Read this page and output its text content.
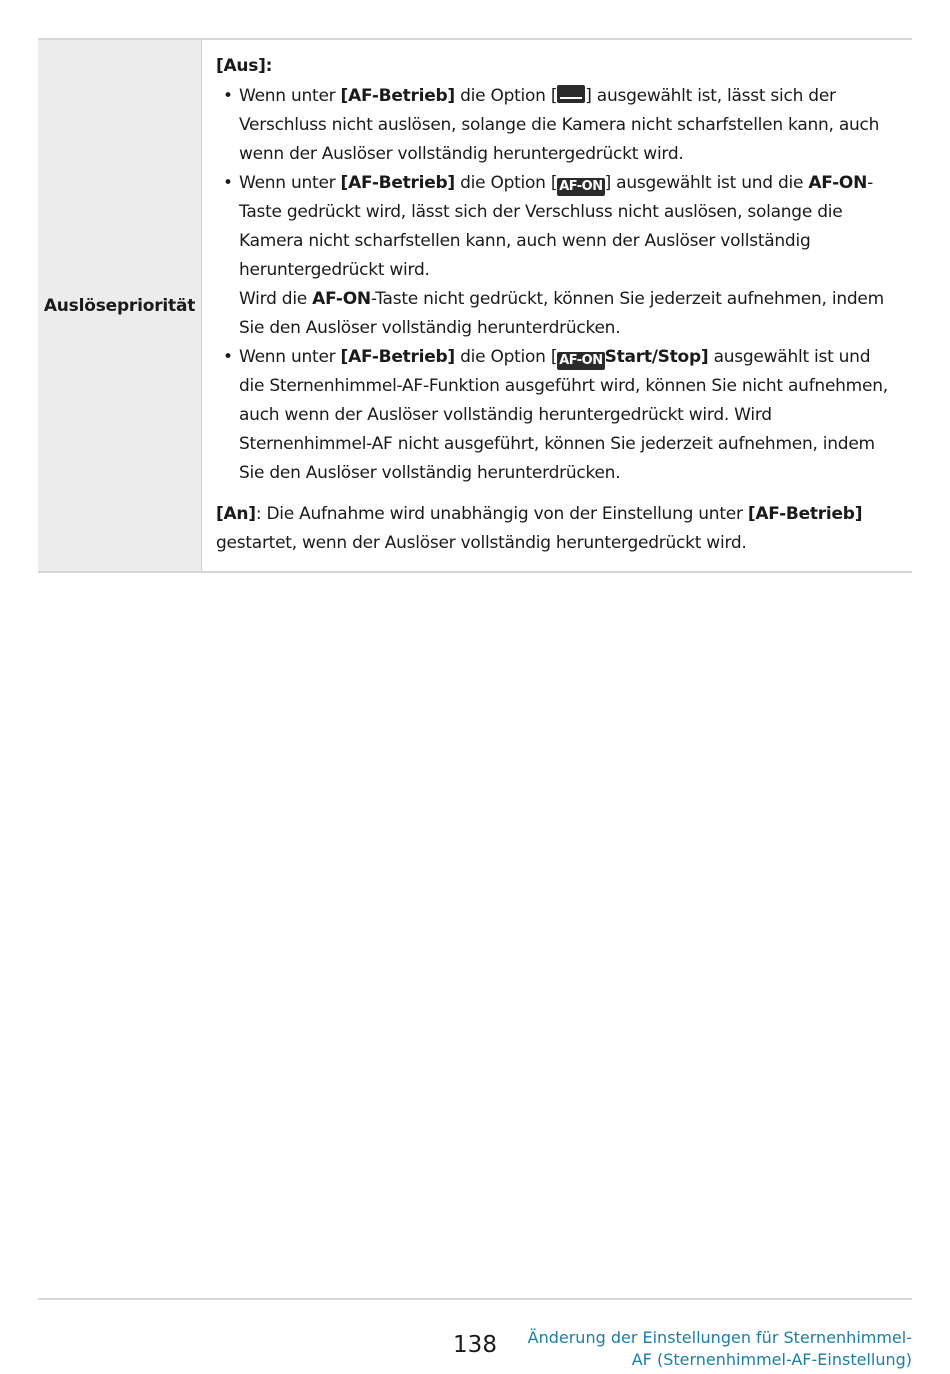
Auslösepriorität
[Aus]:
• Wenn unter [AF-Betrieb] die Option [ ] ausgewählt ist, lässt sich der Verschluss nicht auslösen, solange die Kamera nicht scharfstellen kann, auch wenn der Auslöser vollständig heruntergedrückt wird.
• Wenn unter [AF-Betrieb] die Option [ AF-ON ] ausgewählt ist und die AF-ON-Taste gedrückt wird, lässt sich der Verschluss nicht auslösen, solange die Kamera nicht scharfstellen kann, auch wenn der Auslöser vollständig heruntergedrückt wird.
Wird die AF-ON-Taste nicht gedrückt, können Sie jederzeit aufnehmen, indem Sie den Auslöser vollständig herunterdrücken.
• Wenn unter [AF-Betrieb] die Option [ AF-ON Start/Stop] ausgewählt ist und die Sternenhimmel-AF-Funktion ausgeführt wird, können Sie nicht aufnehmen, auch wenn der Auslöser vollständig heruntergedrückt wird. Wird Sternenhimmel-AF nicht ausgeführt, können Sie jederzeit aufnehmen, indem Sie den Auslöser vollständig herunterdrücken.
[An]: Die Aufnahme wird unabhängig von der Einstellung unter [AF-Betrieb] gestartet, wenn der Auslöser vollständig heruntergedrückt wird.
138	Änderung der Einstellungen für Sternenhimmel-
AF (Sternenhimmel-AF-Einstellung)
